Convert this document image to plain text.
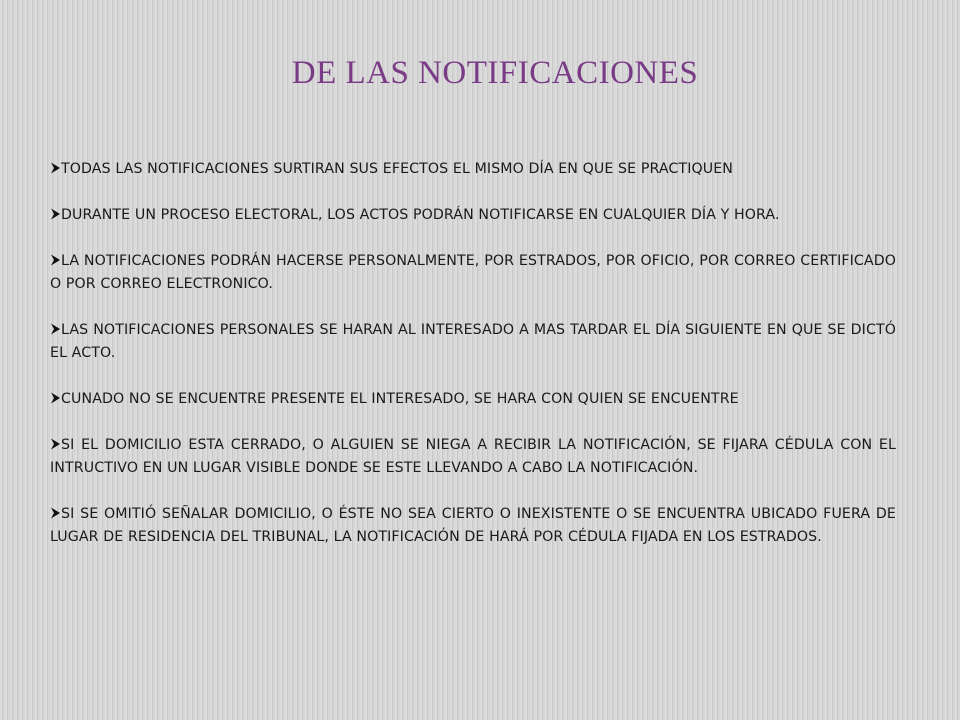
DE LAS NOTIFICACIONES
TODAS LAS NOTIFICACIONES SURTIRAN SUS EFECTOS EL MISMO DÍA EN QUE SE PRACTIQUEN
DURANTE UN PROCESO ELECTORAL, LOS ACTOS PODRÁN NOTIFICARSE EN CUALQUIER DÍA Y HORA.
LA NOTIFICACIONES PODRÁN HACERSE PERSONALMENTE, POR ESTRADOS, POR OFICIO, POR CORREO CERTIFICADO O POR CORREO ELECTRONICO.
LAS NOTIFICACIONES PERSONALES SE HARAN AL INTERESADO A MAS TARDAR EL DÍA SIGUIENTE EN QUE SE DICTÓ EL ACTO.
CUNADO NO SE ENCUENTRE PRESENTE EL INTERESADO, SE HARA CON QUIEN SE ENCUENTRE
SI EL DOMICILIO ESTA CERRADO, O ALGUIEN SE NIEGA A RECIBIR LA NOTIFICACIÓN, SE FIJARA CÉDULA CON EL INTRUCTIVO EN UN LUGAR VISIBLE DONDE SE ESTE LLEVANDO A CABO LA NOTIFICACIÓN.
SI SE OMITIÓ SEÑALAR DOMICILIO, O ÉSTE NO SEA CIERTO O INEXISTENTE O SE ENCUENTRA UBICADO FUERA DE LUGAR DE RESIDENCIA DEL TRIBUNAL, LA NOTIFICACIÓN DE HARÁ POR CÉDULA FIJADA EN LOS ESTRADOS.
